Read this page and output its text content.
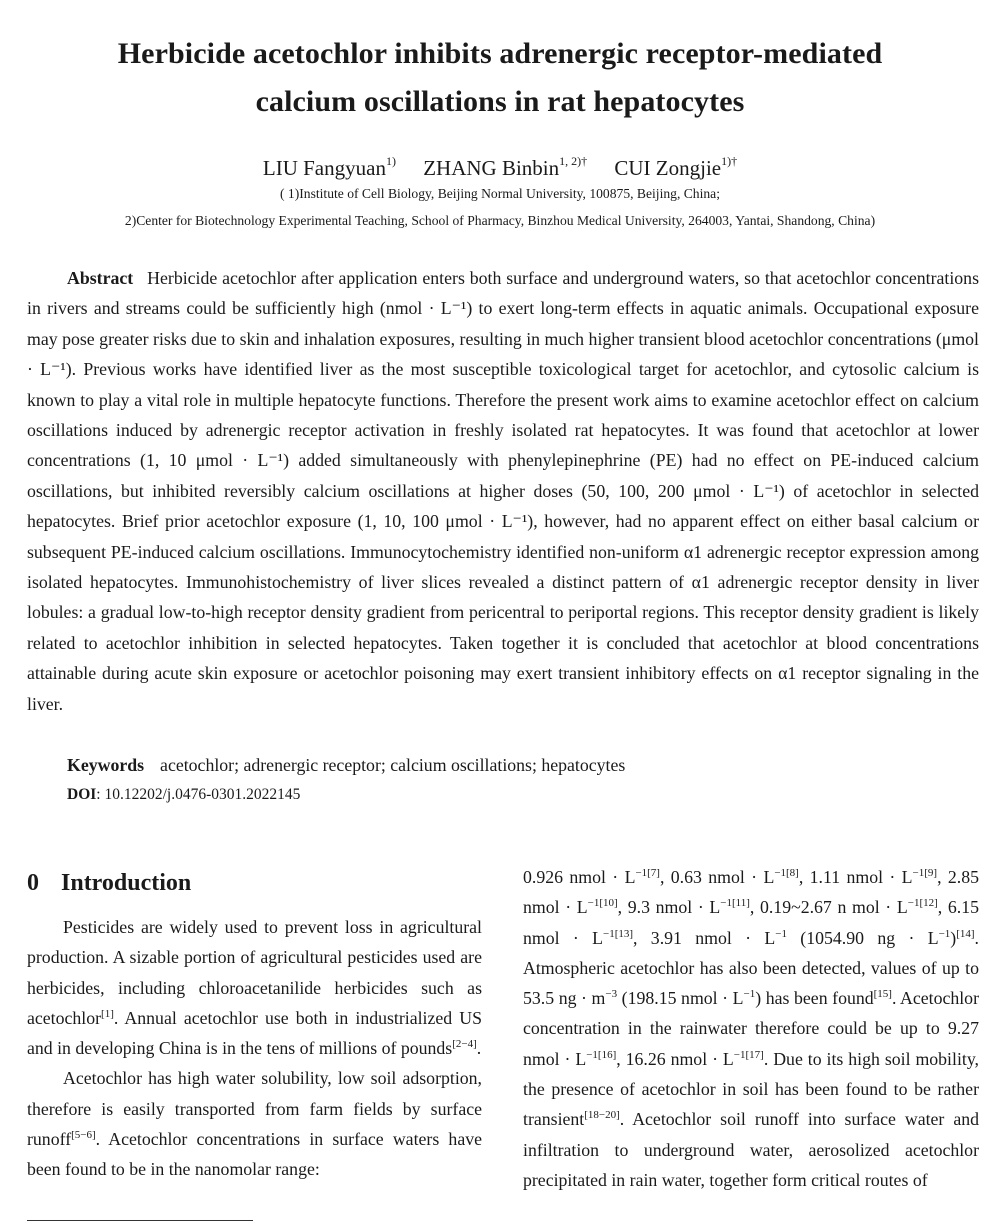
Herbicide acetochlor inhibits adrenergic receptor-mediated
calcium oscillations in rat hepatocytes
LIU Fangyuan$^{1)}$ ZHANG Binbin$^{1, 2)\dagger}$ CUI Zongjie$^{1)\dagger}$
( 1)Institute of Cell Biology, Beijing Normal University, 100875, Beijing, China;
2)Center for Biotechnology Experimental Teaching, School of Pharmacy, Binzhou Medical University, 264003, Yantai, Shandong, China)

Abstract Herbicide acetochlor after application enters both surface and underground waters, so that acetochlor concentrations in rivers and streams could be sufficiently high (nmol · L⁻¹) to exert long-term effects in aquatic animals. Occupational exposure may pose greater risks due to skin and inhalation exposures, resulting in much higher transient blood acetochlor concentrations (μmol · L⁻¹). Previous works have identified liver as the most susceptible toxicological target for acetochlor, and cytosolic calcium is known to play a vital role in multiple hepatocyte functions. Therefore the present work aims to examine acetochlor effect on calcium oscillations induced by adrenergic receptor activation in freshly isolated rat hepatocytes. It was found that acetochlor at lower concentrations (1, 10 μmol · L⁻¹) added simultaneously with phenylepinephrine (PE) had no effect on PE-induced calcium oscillations, but inhibited reversibly calcium oscillations at higher doses (50, 100, 200 μmol · L⁻¹) of acetochlor in selected hepatocytes. Brief prior acetochlor exposure (1, 10, 100 μmol · L⁻¹), however, had no apparent effect on either basal calcium or subsequent PE-induced calcium oscillations. Immunocytochemistry identified non-uniform α1 adrenergic receptor expression among isolated hepatocytes. Immunohistochemistry of liver slices revealed a distinct pattern of α1 adrenergic receptor density in liver lobules: a gradual low-to-high receptor density gradient from pericentral to periportal regions. This receptor density gradient is likely related to acetochlor inhibition in selected hepatocytes. Taken together it is concluded that acetochlor at blood concentrations attainable during acute skin exposure or acetochlor poisoning may exert transient inhibitory effects on α1 receptor signaling in the liver.

Keywords acetochlor; adrenergic receptor; calcium oscillations; hepatocytes
DOI: 10.12202/j.0476-0301.2022145
0 Introduction

Pesticides are widely used to prevent loss in agricultural production. A sizable portion of agricultural pesticides used are herbicides, including chloroacetanilide herbicides such as acetochlor[1]. Annual acetochlor use both in industrialized US and in developing China is in the tens of millions of pounds[2−4].

Acetochlor has high water solubility, low soil adsorption, therefore is easily transported from farm fields by surface runoff[5−6]. Acetochlor concentrations in surface waters have been found to be in the nanomolar range:

0.926 nmol · $L^{-1[7]}$, 0.63 nmol · $L^{-1[8]}$, 1.11 nmol · $L^{-1[9]}$, 2.85 nmol · $L^{-1[10]}$, 9.3 nmol · $L^{-1[11]}$, 0.19~2.67 n mol · $L^{-1[12]}$, 6.15 nmol · $L^{-1[13]}$, 3.91 nmol · $L^{-1}$ (1054.90 ng · $L^{-1})[14]$. Atmospheric acetochlor has also been detected, values of up to 53.5 ng · $m^{-3}$ (198.15 nmol · $L^{-1}$) has been found[15]. Acetochlor concentration in the rainwater therefore could be up to 9.27 nmol · $L^{-1[16]}$, 16.26 nmol · $L^{-1[17]}$. Due to its high soil mobility, the presence of acetochlor in soil has been found to be rather transient[18−20]. Acetochlor soil runoff into surface water and infiltration to underground water, aerosolized acetochlor precipitated in rain water, together form critical routes of
